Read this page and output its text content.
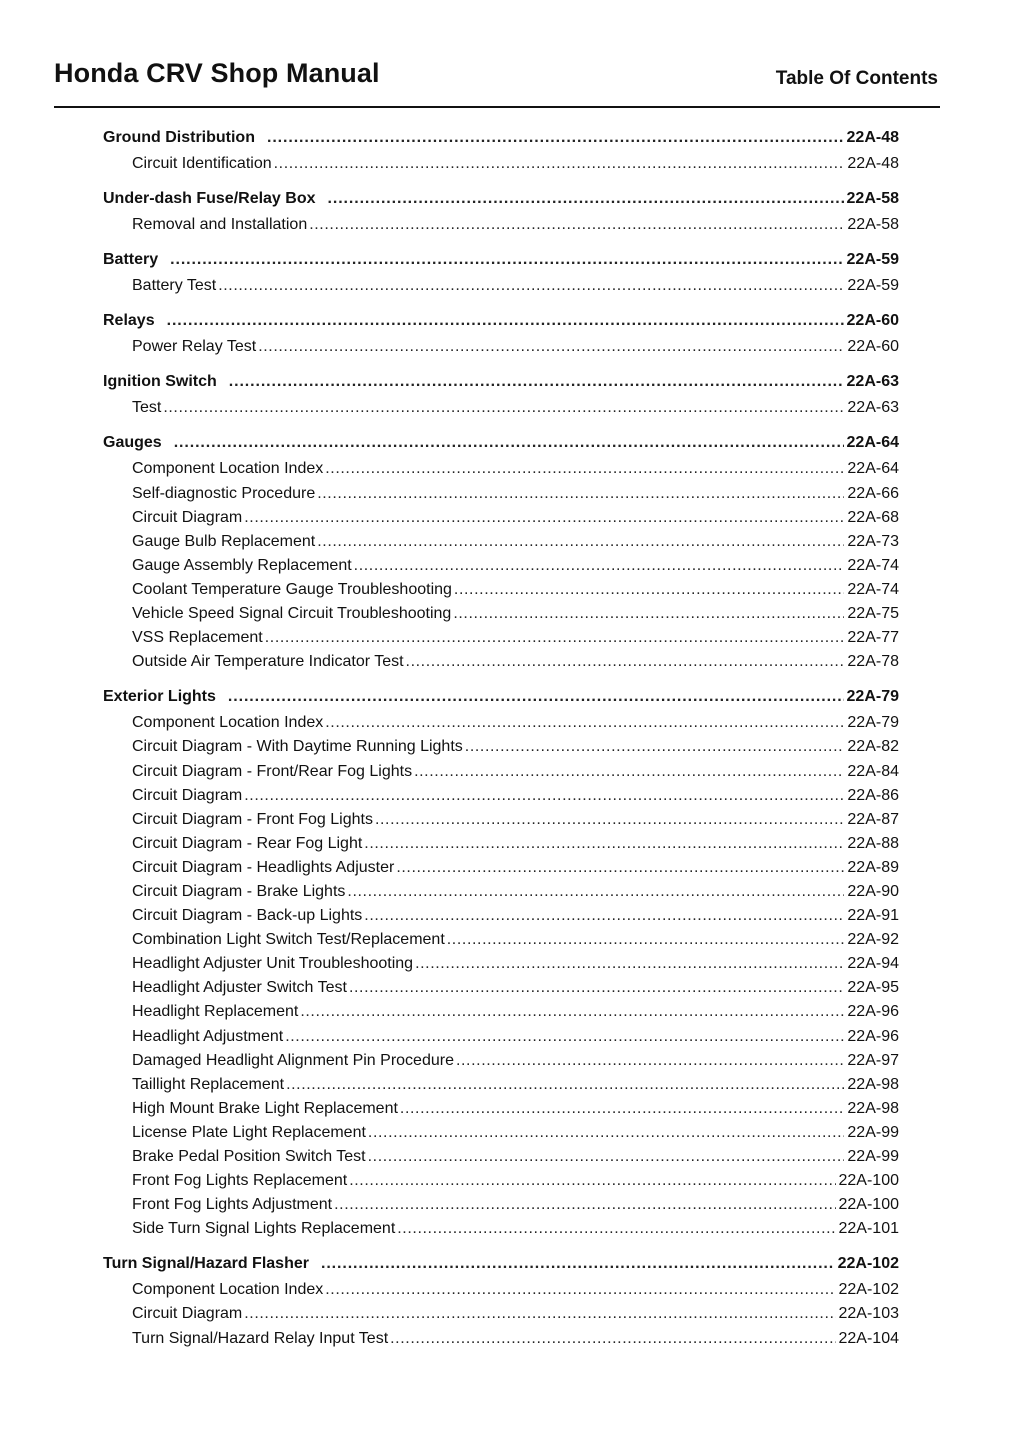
Honda CRV Shop Manual	Table Of Contents
Ground Distribution .....	22A-48
Circuit Identification .....	22A-48
Under-dash Fuse/Relay Box .....	22A-58
Removal and Installation .....	22A-58
Battery .....	22A-59
Battery Test .....	22A-59
Relays .....	22A-60
Power Relay Test .....	22A-60
Ignition Switch .....	22A-63
Test .....	22A-63
Gauges .....	22A-64
Component Location Index .....	22A-64
Self-diagnostic Procedure .....	22A-66
Circuit Diagram .....	22A-68
Gauge Bulb Replacement .....	22A-73
Gauge Assembly Replacement .....	22A-74
Coolant Temperature Gauge Troubleshooting .....	22A-74
Vehicle Speed Signal Circuit Troubleshooting .....	22A-75
VSS Replacement .....	22A-77
Outside Air Temperature Indicator Test .....	22A-78
Exterior Lights .....	22A-79
Component Location Index .....	22A-79
Circuit Diagram - With Daytime Running Lights .....	22A-82
Circuit Diagram - Front/Rear Fog Lights .....	22A-84
Circuit Diagram .....	22A-86
Circuit Diagram - Front Fog Lights .....	22A-87
Circuit Diagram - Rear Fog Light .....	22A-88
Circuit Diagram - Headlights Adjuster .....	22A-89
Circuit Diagram - Brake Lights .....	22A-90
Circuit Diagram - Back-up Lights .....	22A-91
Combination Light Switch Test/Replacement .....	22A-92
Headlight Adjuster Unit Troubleshooting .....	22A-94
Headlight Adjuster Switch Test .....	22A-95
Headlight Replacement .....	22A-96
Headlight Adjustment .....	22A-96
Damaged Headlight Alignment Pin Procedure .....	22A-97
Taillight Replacement .....	22A-98
High Mount Brake Light Replacement .....	22A-98
License Plate Light Replacement .....	22A-99
Brake Pedal Position Switch Test .....	22A-99
Front Fog Lights Replacement .....	22A-100
Front Fog Lights Adjustment .....	22A-100
Side Turn Signal Lights Replacement .....	22A-101
Turn Signal/Hazard Flasher .....	22A-102
Component Location Index .....	22A-102
Circuit Diagram .....	22A-103
Turn Signal/Hazard Relay Input Test .....	22A-104
